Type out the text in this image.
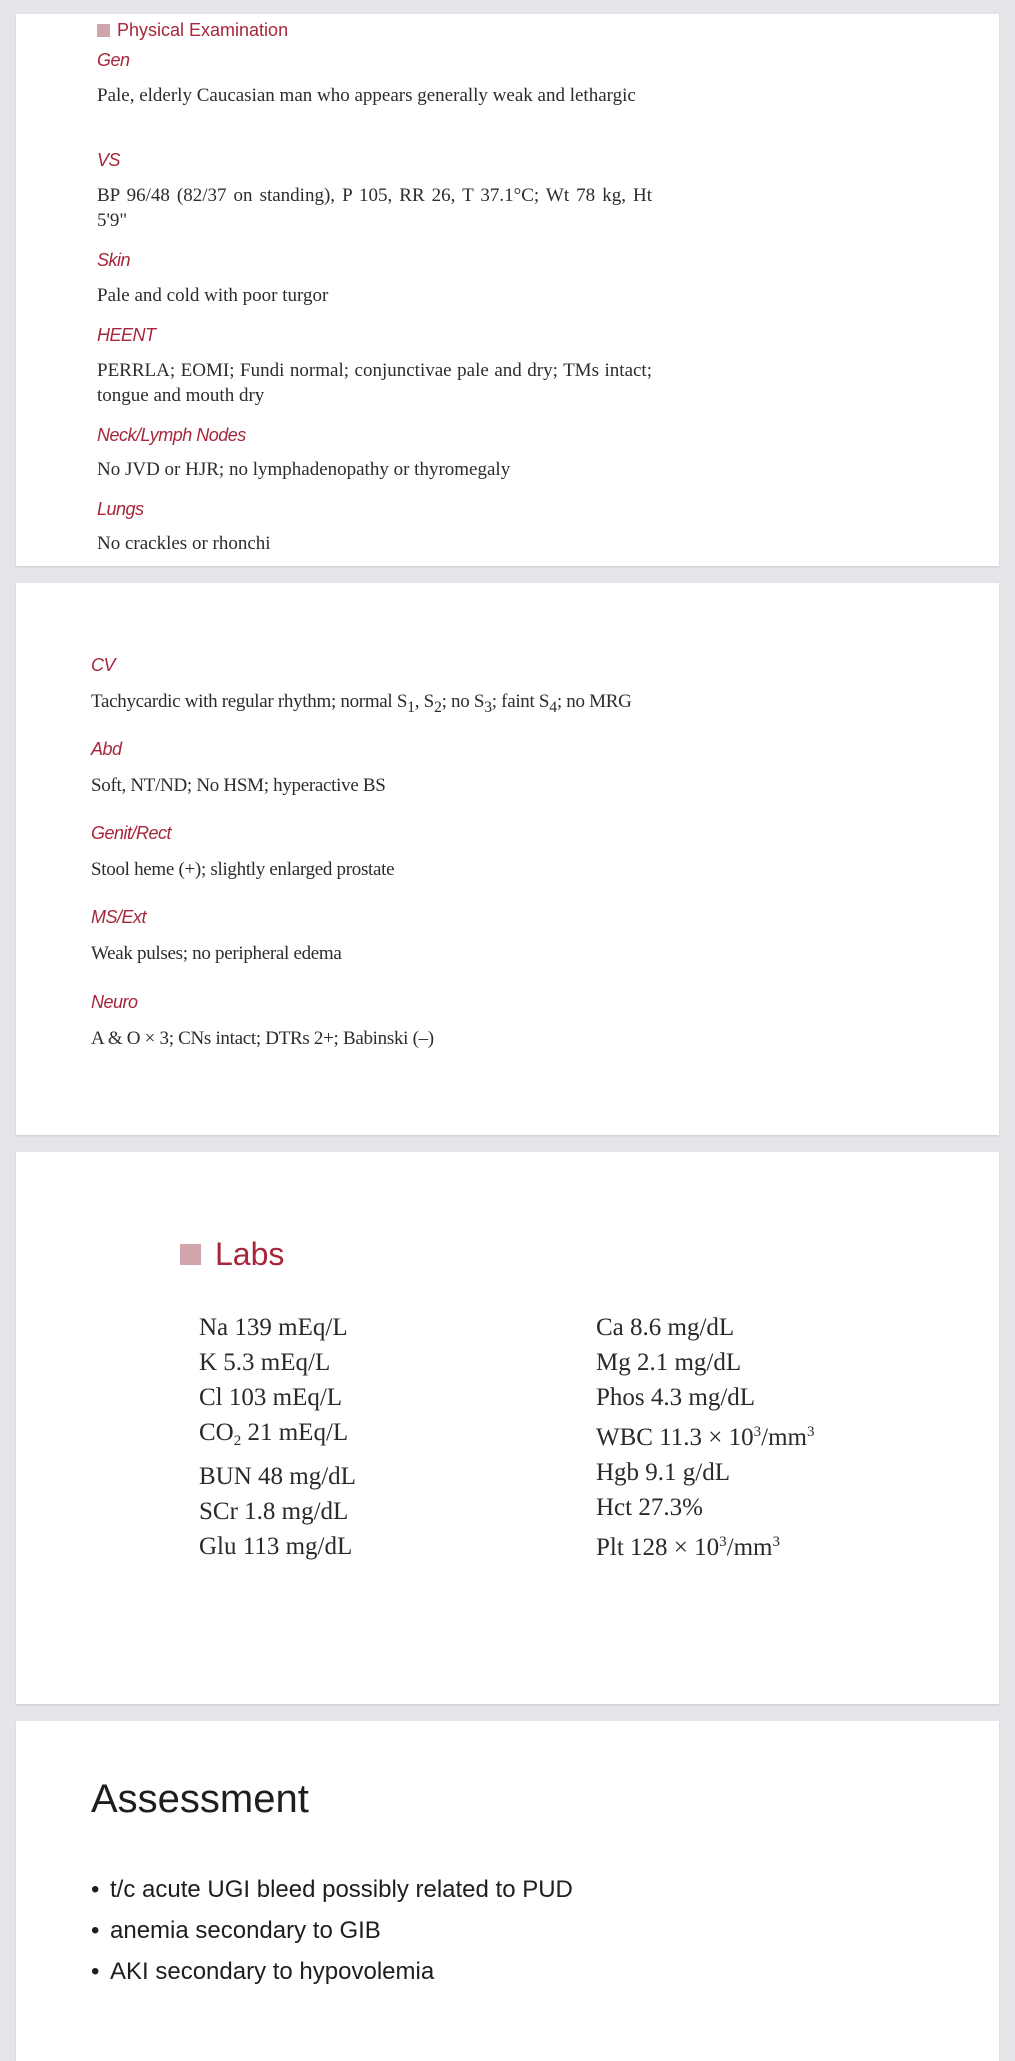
Physical Examination
Gen
Pale, elderly Caucasian man who appears generally weak and lethargic
VS
BP 96/48 (82/37 on standing), P 105, RR 26, T 37.1°C; Wt 78 kg, Ht 5'9"
Skin
Pale and cold with poor turgor
HEENT
PERRLA; EOMI; Fundi normal; conjunctivae pale and dry; TMs intact; tongue and mouth dry
Neck/Lymph Nodes
No JVD or HJR; no lymphadenopathy or thyromegaly
Lungs
No crackles or rhonchi
CV
Tachycardic with regular rhythm; normal $S_1$, $S_2$; no $S_3$; faint $S_4$; no MRG
Abd
Soft, NT/ND; No HSM; hyperactive BS
Genit/Rect
Stool heme (+); slightly enlarged prostate
MS/Ext
Weak pulses; no peripheral edema
Neuro
A & O × 3; CNs intact; DTRs 2+; Babinski (–)
Labs
Na 139 mEq/L
K 5.3 mEq/L
Cl 103 mEq/L
$CO_2$ 21 mEq/L
BUN 48 mg/dL
SCr 1.8 mg/dL
Glu 113 mg/dL
Ca 8.6 mg/dL
Mg 2.1 mg/dL
Phos 4.3 mg/dL
WBC $11.3 \times 10^3/mm^3$
Hgb 9.1 g/dL
Hct 27.3%
Plt $128 \times 10^3/mm^3$
Assessment
• t/c acute UGI bleed possibly related to PUD
• anemia secondary to GIB
• AKI secondary to hypovolemia
